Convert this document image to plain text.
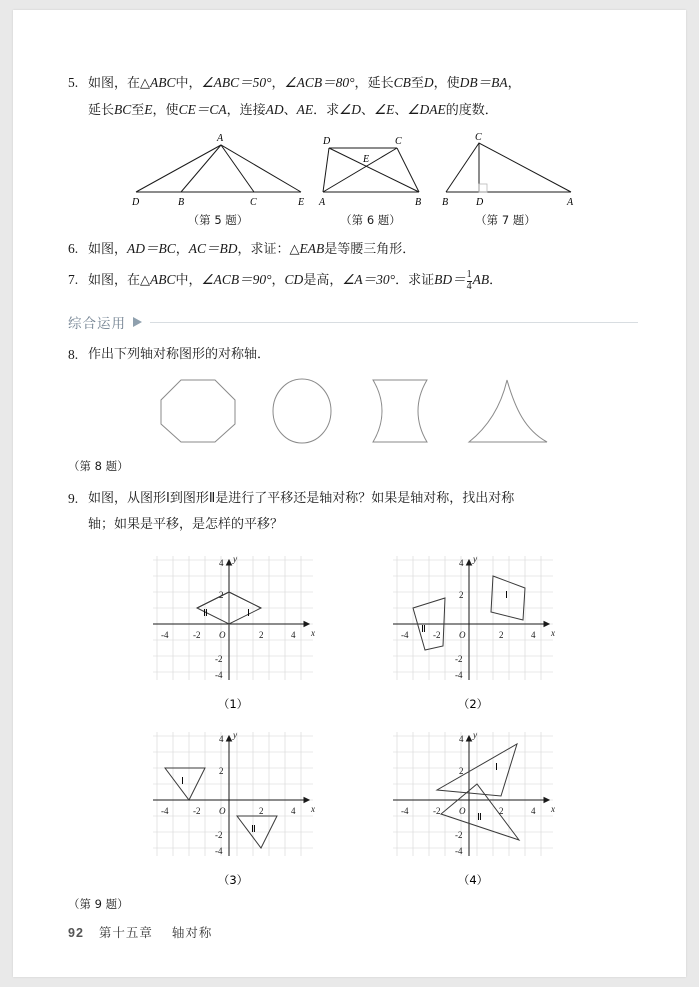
5. 如图，在△ABC中，∠ABC＝50°，∠ACB＝80°，延长CB至D，使DB＝BA，
延长BC至E，使CE＝CA，连接AD、AE．求∠D、∠E、∠DAE的度数．
A
B	C
D	E
（第 5 题）
D	C
E
A	B
（第 6 题）
C
B	D	A
（第 7 题）
6. 如图，AD＝BC，AC＝BD，求证：△EAB是等腰三角形．
7. 如图，在△ABC中，∠ACB＝90°，CD是高，∠A＝30°．求证$BD=\frac{1}{4}$ AB．
综合运用
8. 作出下列轴对称图形的对称轴．
（第 8 题）
9. 如图，从图形Ⅰ到图形Ⅱ是进行了平移还是轴对称？如果是轴对称，找出对称
轴；如果是平移，是怎样的平移？
-4	-2	2	4
O
4
2
-2
-4
x
y
Ⅱ	Ⅰ
（1）
-4	-2	2	4
O
4
2
-2
-4
x
y
Ⅱ
Ⅰ
（2）
-4	-2	2	4
O
4
2
-2
-4
x
y
Ⅰ
Ⅱ
（3）
-4	-2	2	4
O
4
2
-2
-4
x
y
Ⅰ
Ⅱ
（4）
（第 9 题）
92 第十五章 轴对称
